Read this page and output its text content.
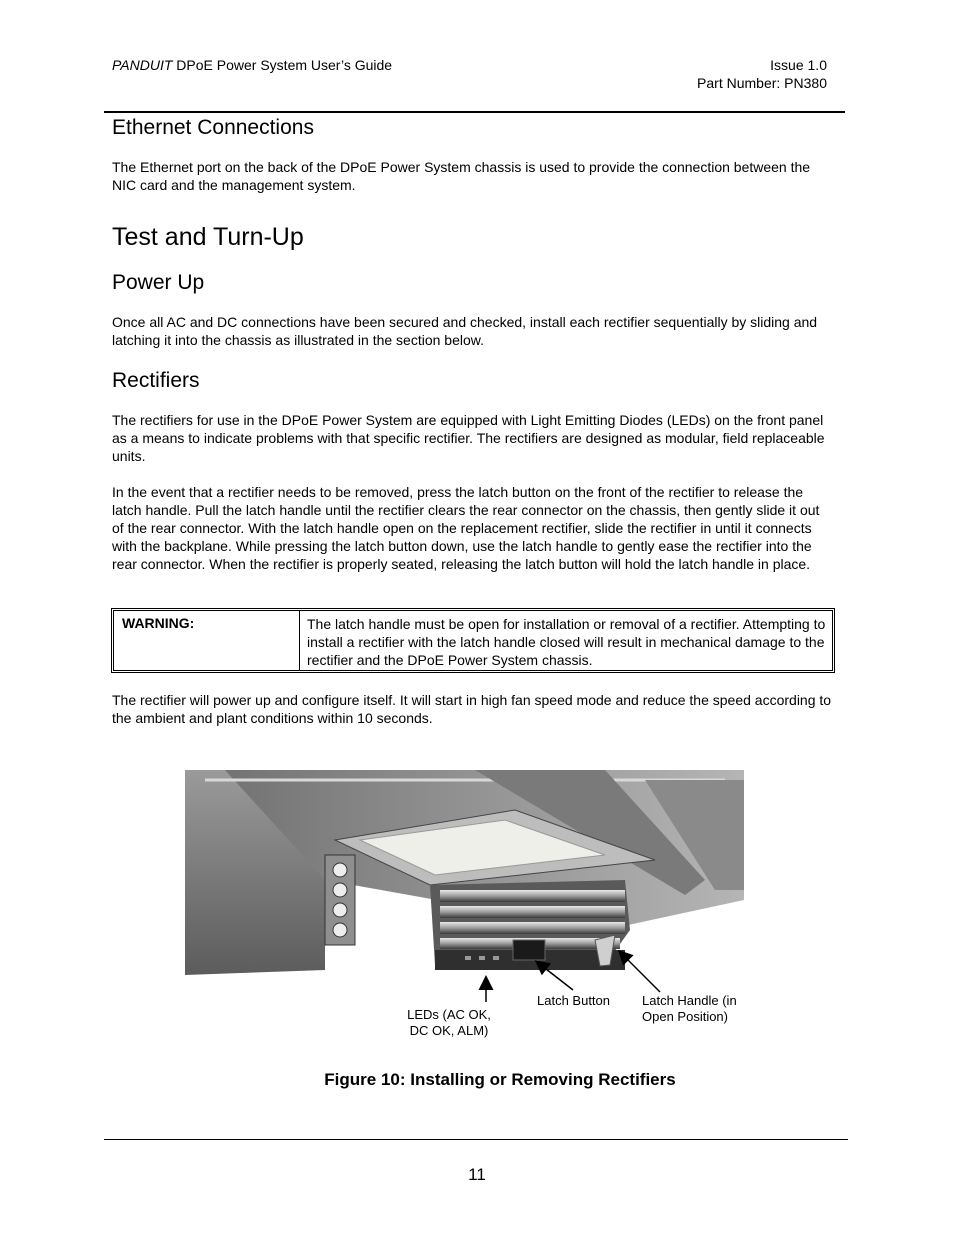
PANDUIT DPoE Power System User’s Guide	Issue 1.0
Part Number: PN380
Ethernet Connections
The Ethernet port on the back of the DPoE Power System chassis is used to provide the connection between the NIC card and the management system.
Test and Turn-Up
Power Up
Once all AC and DC connections have been secured and checked, install each rectifier sequentially by sliding and latching it into the chassis as illustrated in the section below.
Rectifiers
The rectifiers for use in the DPoE Power System are equipped with Light Emitting Diodes (LEDs) on the front panel as a means to indicate problems with that specific rectifier. The rectifiers are designed as modular, field replaceable units.
In the event that a rectifier needs to be removed, press the latch button on the front of the rectifier to release the latch handle. Pull the latch handle until the rectifier clears the rear connector on the chassis, then gently slide it out of the rear connector. With the latch handle open on the replacement rectifier, slide the rectifier in until it connects with the backplane. While pressing the latch button down, use the latch handle to gently ease the rectifier into the rear connector. When the rectifier is properly seated, releasing the latch button will hold the latch handle in place.
WARNING:	The latch handle must be open for installation or removal of a rectifier. Attempting to install a rectifier with the latch handle closed will result in mechanical damage to the rectifier and the DPoE Power System chassis.
The rectifier will power up and configure itself. It will start in high fan speed mode and reduce the speed according to the ambient and plant conditions within 10 seconds.
LEDs (AC OK,
DC OK, ALM)
Latch Button Latch Handle (in
Open Position)
Figure 10: Installing or Removing Rectifiers
11
